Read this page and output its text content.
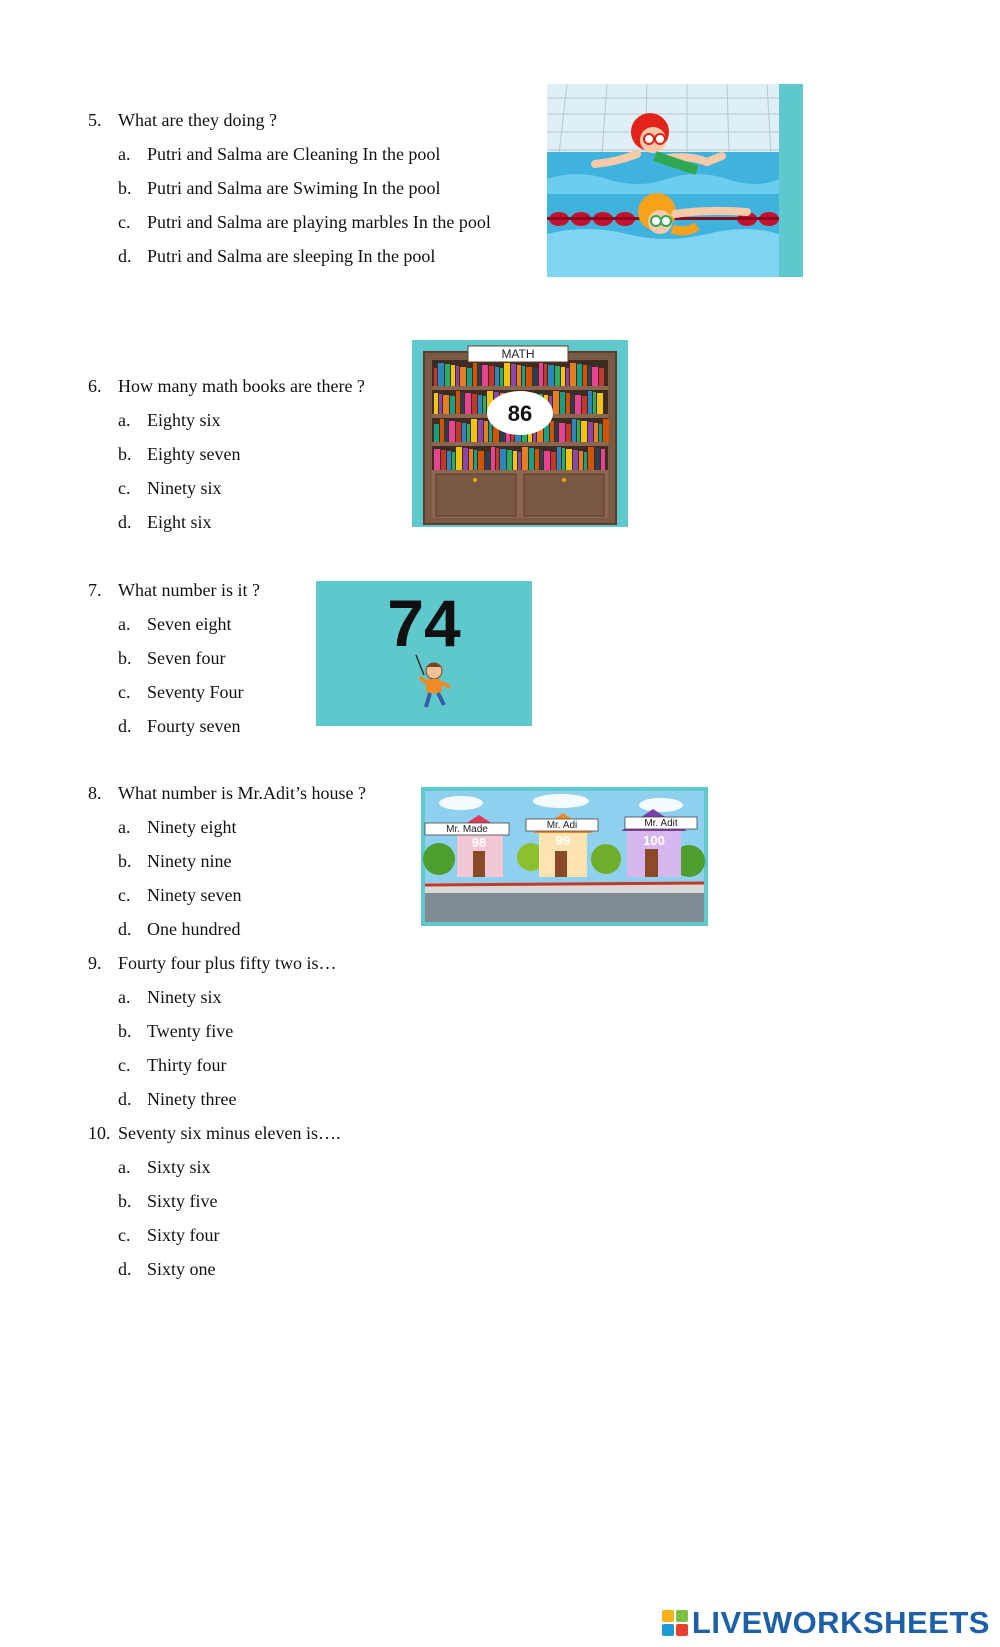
5. What are they doing ?
a. Putri and Salma are Cleaning In the pool
b. Putri and Salma are Swiming In the pool
c. Putri and Salma are playing marbles In the pool
d. Putri and Salma are sleeping In the pool
6. How many math books are there ?
a. Eighty six
b. Eighty seven
c. Ninety six
d. Eight six
7. What number is it ?
a. Seven eight
b. Seven four
c. Seventy Four
d. Fourty seven
8. What number is Mr.Adit’s house ?
a. Ninety eight
b. Ninety nine
c. Ninety seven
d. One hundred
9. Fourty four plus fifty two is…
a. Ninety six
b. Twenty five
c. Thirty four
d. Ninety three
10. Seventy six minus eleven is….
a. Sixty six
b. Sixty five
c. Sixty four
d. Sixty one
MATH
86
74
Mr. Made	Mr. Adi	Mr. Adit
98	99	100
LIVEWORKSHEETS
